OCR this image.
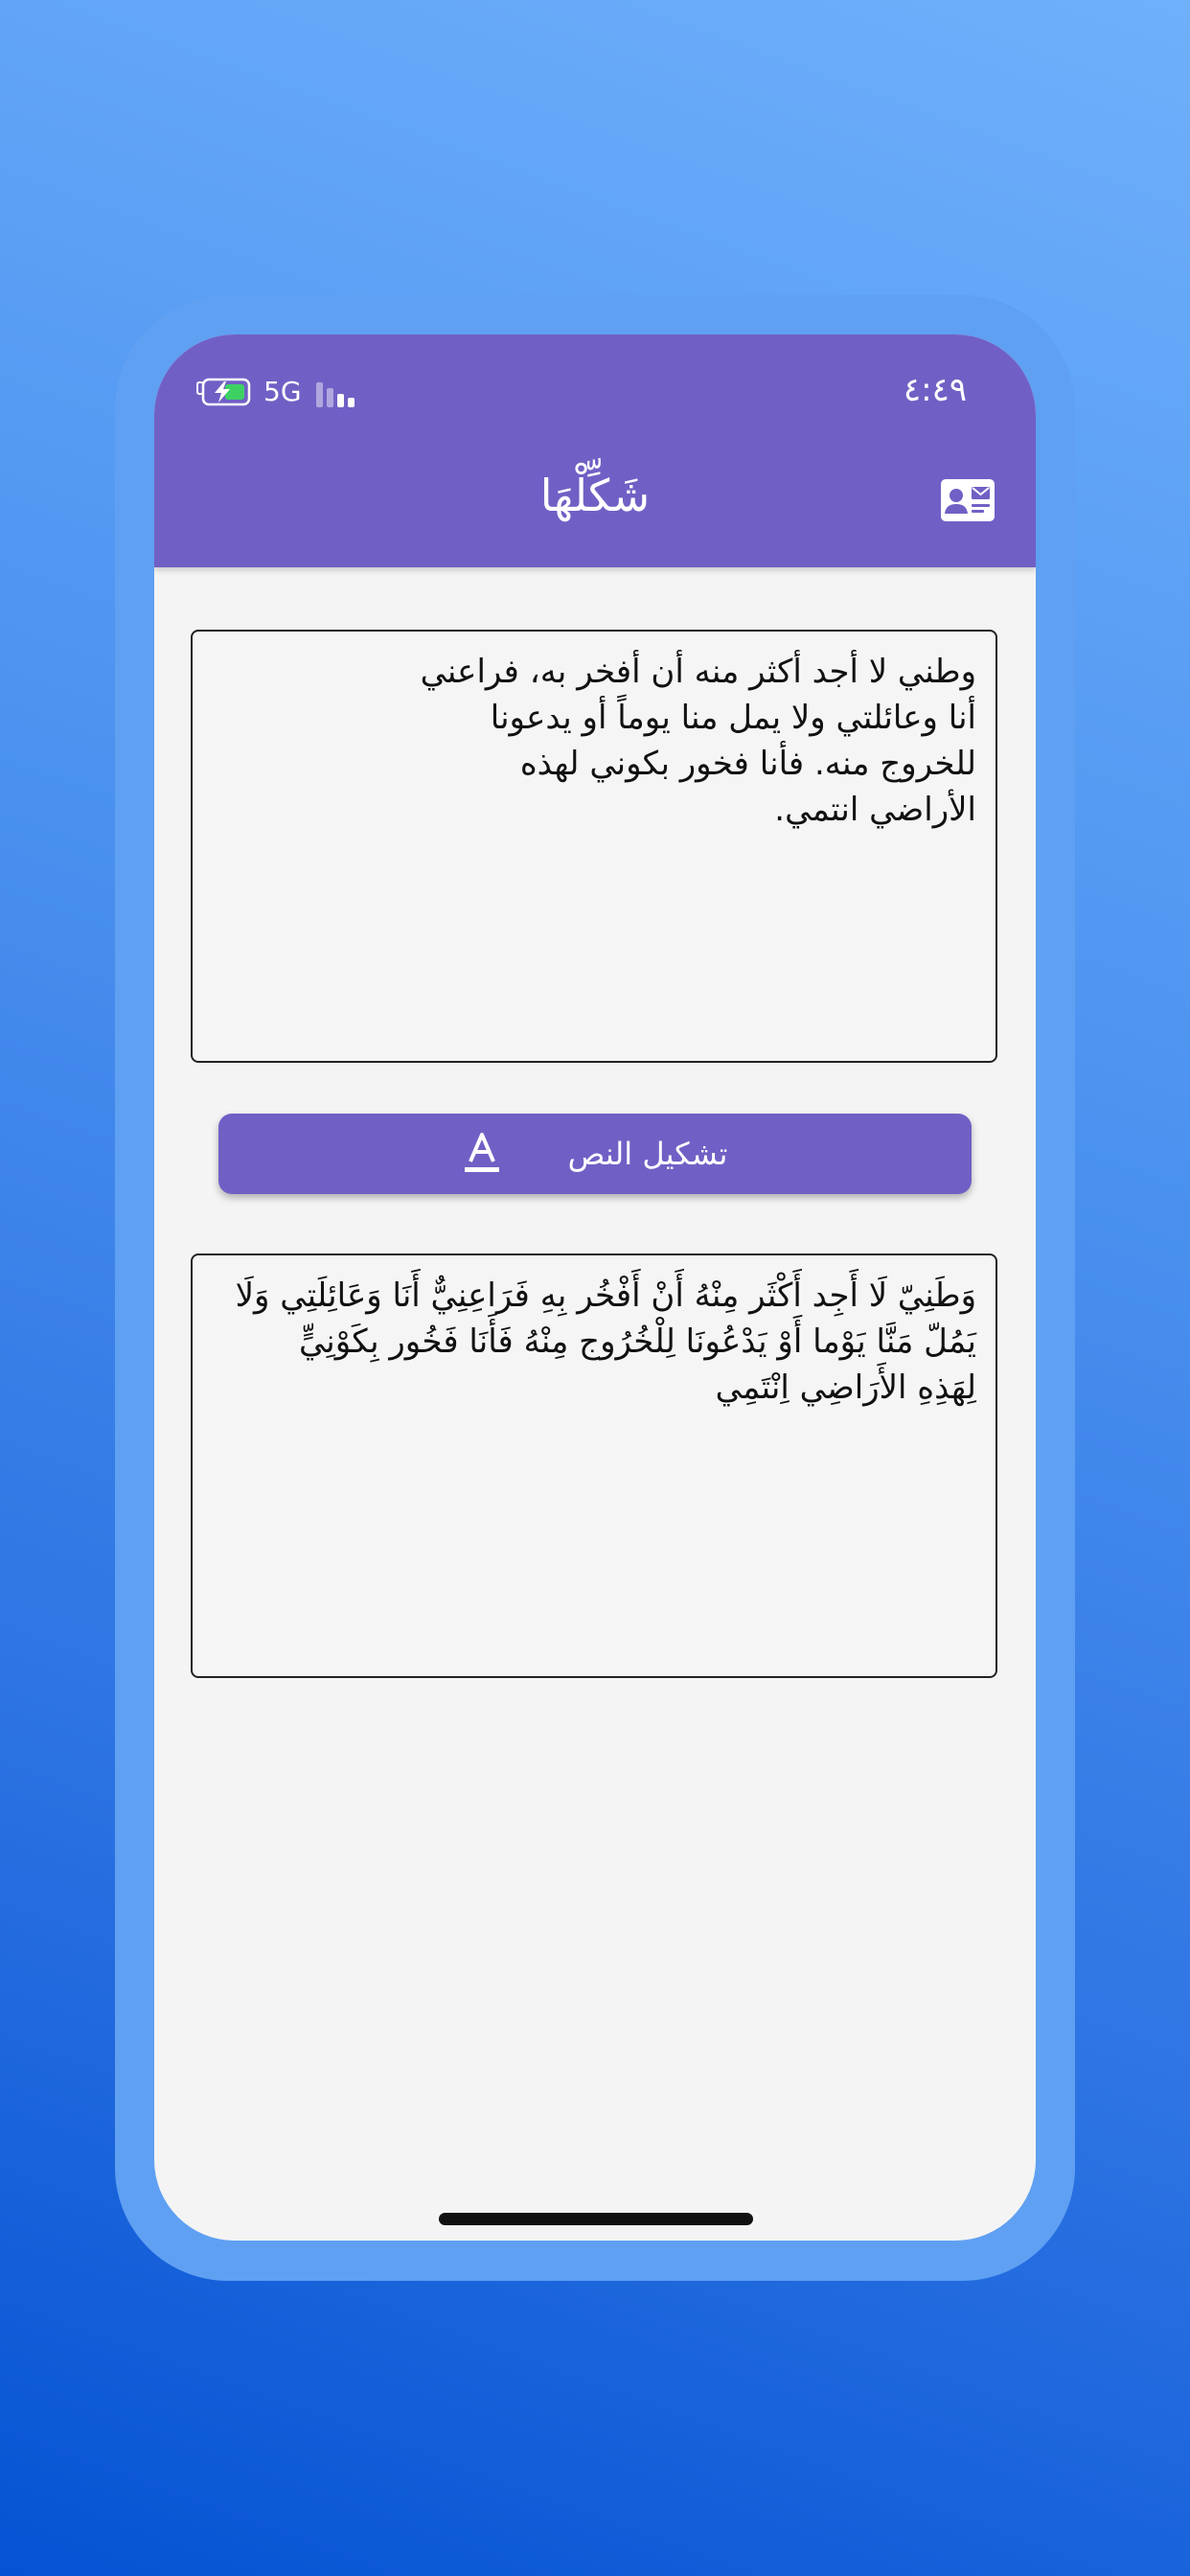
5G	٤:٤٩
شَكِّلْهَا
وطني لا أجد أكثر منه أن أفخر به، فراعني
أنا وعائلتي ولا يمل منا يوماً أو يدعونا
للخروج منه. فأنا فخور بكوني لهذه
الأراضي انتمي.
تشكيل النص
وَطَنِيّ لَا أَجِد أَكْثَر مِنْهُ أَنْ أَفْخُر بِهِ فَرَاعِنِيٌّ أَنَا وَعَائِلَتِي وَلَا
يَمُلّ مَنَّا يَوْما أَوْ يَدْعُونَا لِلْخُرُوج مِنْهُ فَأَنَا فَخُور بِكَوْنِيٍّ
لِهَذِهِ الأَرَاضِي اِنْتَمِي
